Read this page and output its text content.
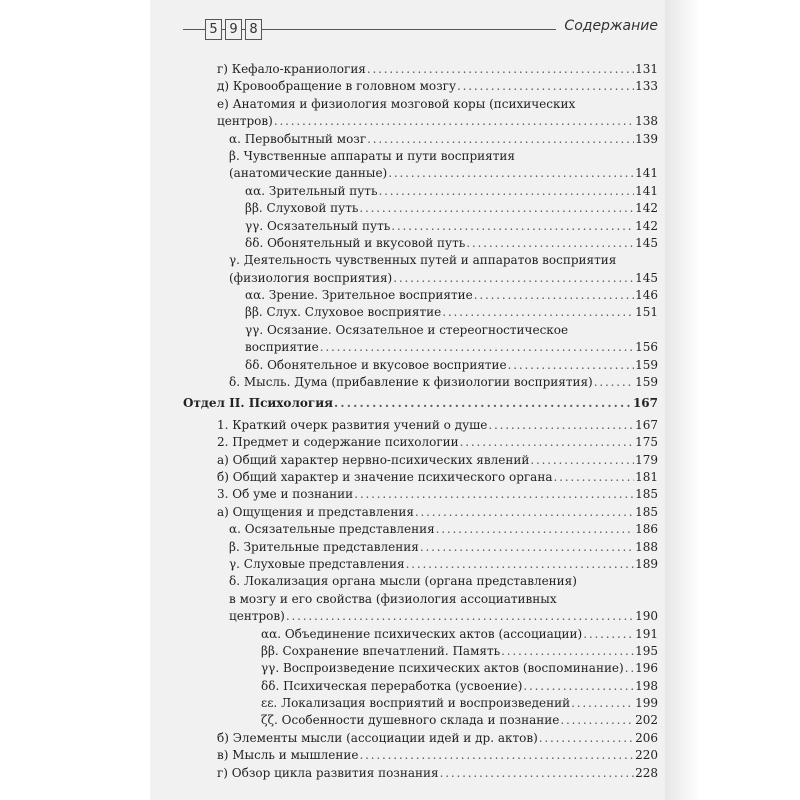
5 9 8	Содержание
г) Кефало-краниология . . .	131
д) Кровообращение в головном мозгу . . .	133
е) Анатомия и физиология мозговой коры (психических
центров) . . .	138
α. Первобытный мозг . . .	139
β. Чувственные аппараты и пути восприятия
(анатомические данные) . . .	141
αα. Зрительный путь . . .	141
ββ. Слуховой путь . . .	142
γγ. Осязательный путь . . .	142
δδ. Обонятельный и вкусовой путь . . .	145
γ. Деятельность чувственных путей и аппаратов восприятия
(физиология восприятия) . . .	145
αα. Зрение. Зрительное восприятие . . .	146
ββ. Слух. Слуховое восприятие . . .	151
γγ. Осязание. Осязательное и стереогностическое
восприятие . . .	156
δδ. Обонятельное и вкусовое восприятие . . .	159
δ. Мысль. Дума (прибавление к физиологии восприятия) . . .	159
Отдел II. Психология . . .	167
1. Краткий очерк развития учений о душе . . .	167
2. Предмет и содержание психологии . . .	175
а) Общий характер нервно-психических явлений . . .	179
б) Общий характер и значение психического органа . . .	181
3. Об уме и познании . . .	185
а) Ощущения и представления . . .	185
α. Осязательные представления . . .	186
β. Зрительные представления . . .	188
γ. Слуховые представления . . .	189
δ. Локализация органа мысли (органа представления)
в мозгу и его свойства (физиология ассоциативных
центров) . . .	190
αα. Объединение психических актов (ассоциации) . . .	191
ββ. Сохранение впечатлений. Память . . .	195
γγ. Воспроизведение психических актов (воспоминание) . . . 196
δδ. Психическая переработка (усвоение) . . .	198
εε. Локализация восприятий и воспроизведений . . .	199
ζζ. Особенности душевного склада и познание . . .	202
б) Элементы мысли (ассоциации идей и др. актов) . . .	206
в) Мысль и мышление . . .	220
г) Обзор цикла развития познания . . .	228
